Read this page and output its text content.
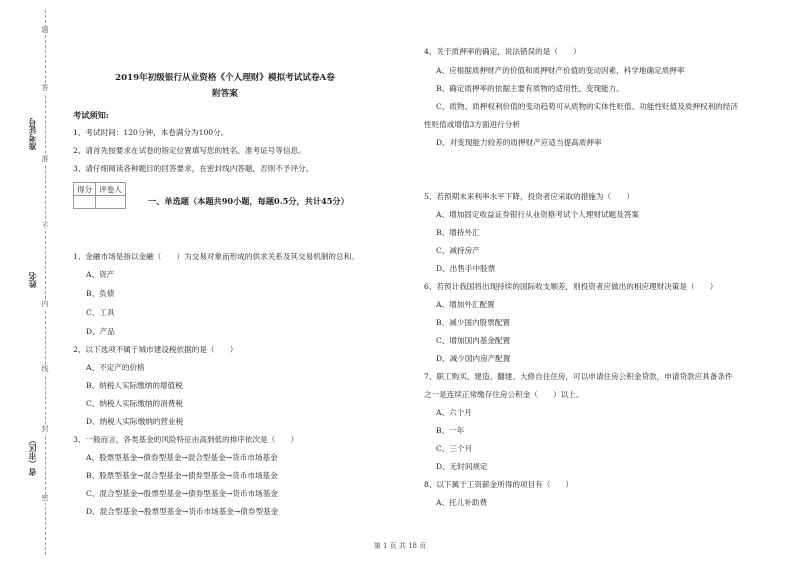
题
答
准
不
内
线
封
密
准考证号
姓名
省（市区）
2019年初级银行从业资格《个人理财》模拟考试试卷A卷
附答案
考试须知:
1、考试时间：120分钟，本卷满分为100分。
2、请首先按要求在试卷的指定位置填写您的姓名、准考证号等信息。
3、请仔细阅读各种题目的回答要求，在密封线内答题，否则不予评分。
得分	评卷人

一、单选题（本题共90小题，每题0.5分，共计45分）
1、金融市场是指以金融（　　）为交易对象而形成的供求关系及其交易机制的总和。
A、资产
B、负债
C、工具
D、产品
2、以下选项不属于城市建设税依据的是（　　）
A、不定产的价格
B、纳税人实际缴纳的增值税
C、纳税人实际缴纳的消费税
D、纳税人实际缴纳的营业税
3、一般而言，各类基金的风险特征由高到低的排序依次是（　　）
A、股票型基金→债券型基金→混合型基金→货币市场基金
B、股票型基金→混合型基金→债券型基金→货币市场基金
C、混合型基金→股票型基金→债券型基金→货币市场基金
D、混合型基金→股票型基金→货币市场基金→债券型基金
4、关于质押率的确定，说法错误的是（　　）
A、应根据质押财产的价值和质押财产价值的变动因素，科学地确定质押率
B、确定质押率的依据主要有质物的适用性、变现能力。
C、质物、质押权利价值的变动趋势可从质物的实体性贬值、功能性贬值及质押权利的经济
性贬值或增值3方面进行分析
D、对变现能力较差的质押财产应适当提高质押率
5、若预期未来利率水平下降，投资者应采取的措施为（　　）
A、增加固定收益证券银行从业资格考试个人理财试题及答案
B、增持外汇
C、减持房产
D、出售手中股票
6、若预计我国将出现持续的国际收支顺差，则投资者应做出的相应理财决策是（　　）
A、增加外汇配置
B、减少国内股票配置
C、增加国内基金配置
D、减少国内房产配置
7、职工购买、建造、翻建、大修自住住房，可以申请住房公积金贷款，申请贷款应具备条件
之一是连续正常缴存住房公积金（　　）以上。
A、六个月
B、一年
C、三个月
D、无时间规定
8、以下属于工资薪金所得的项目有（　　）
A、托儿补助费
第 1 页 共 18 页
